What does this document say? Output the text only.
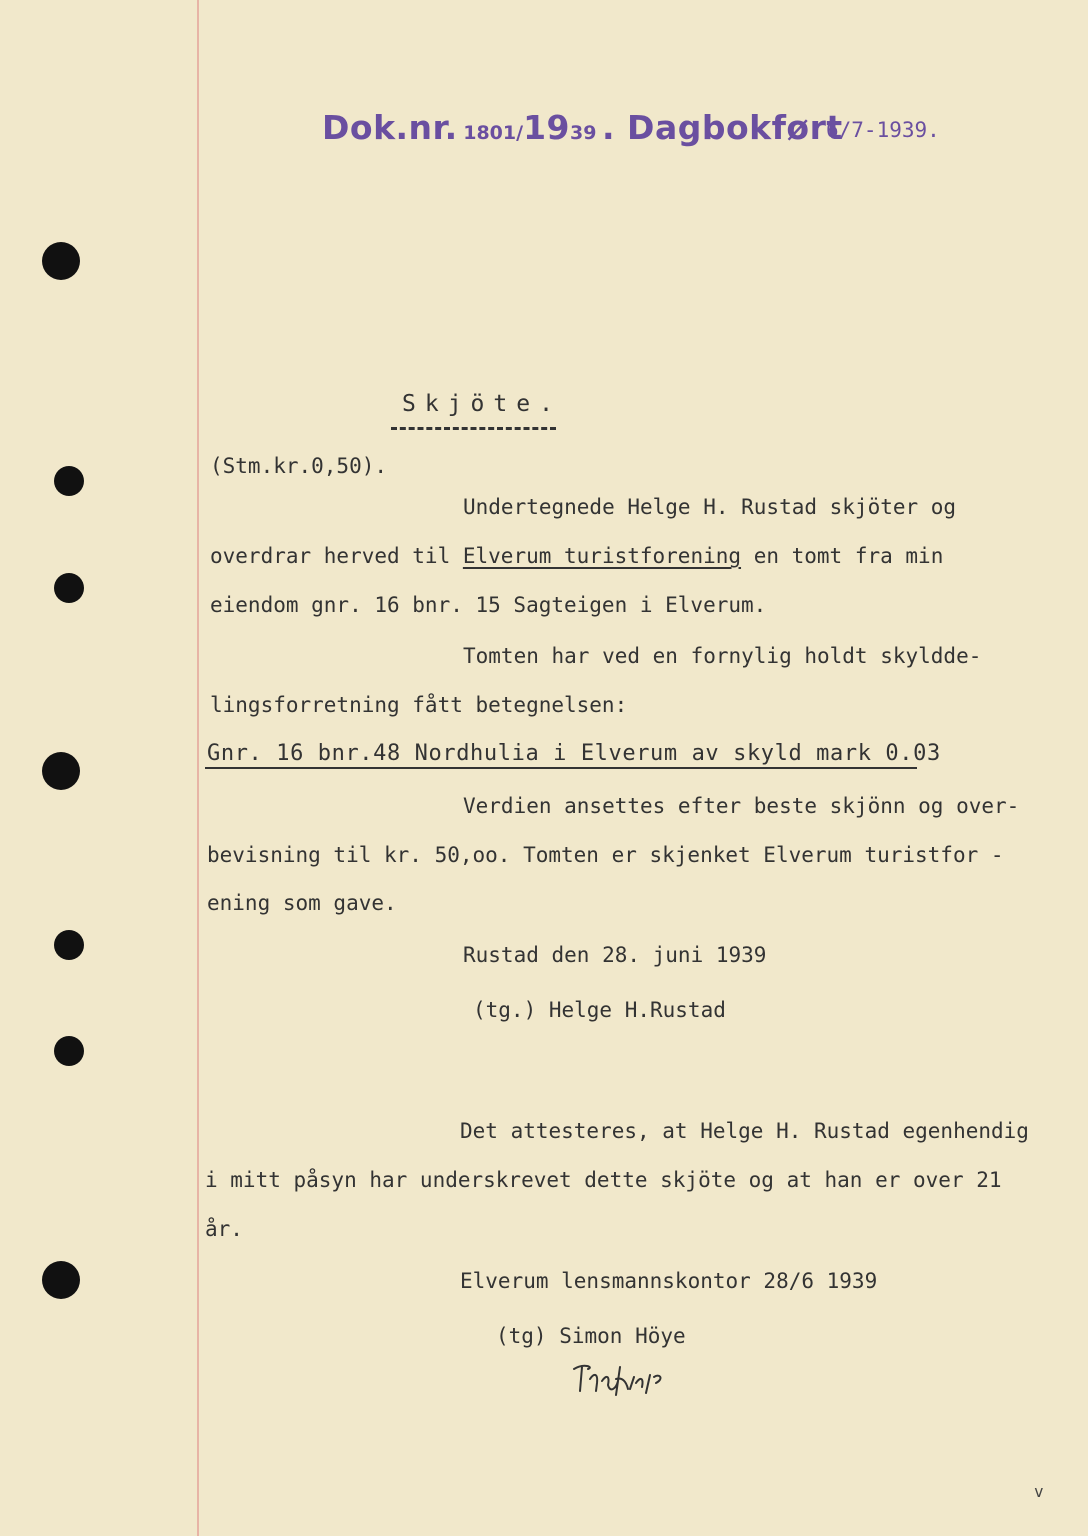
Dok.nr. 1801/1939 . Dagbokført
6/7-1939.
Skjöte.
(Stm.kr.0,50).
Undertegnede Helge H. Rustad skjöter og
overdrar herved til Elverum turistforening en tomt fra min
eiendom gnr. 16 bnr. 15 Sagteigen i Elverum.
Tomten har ved en fornylig holdt skyldde-
lingsforretning fått betegnelsen:
Gnr. 16 bnr.48 Nordhulia i Elverum av skyld mark 0.03
Verdien ansettes efter beste skjönn og over-
bevisning til kr. 50,oo. Tomten er skjenket Elverum turistfor -
ening som gave.
Rustad den 28. juni 1939
(tg.) Helge H.Rustad
Det attesteres, at Helge H. Rustad egenhendig
i mitt påsyn har underskrevet dette skjöte og at han er over 21
år.
Elverum lensmannskontor 28/6 1939
(tg) Simon Höye
v
